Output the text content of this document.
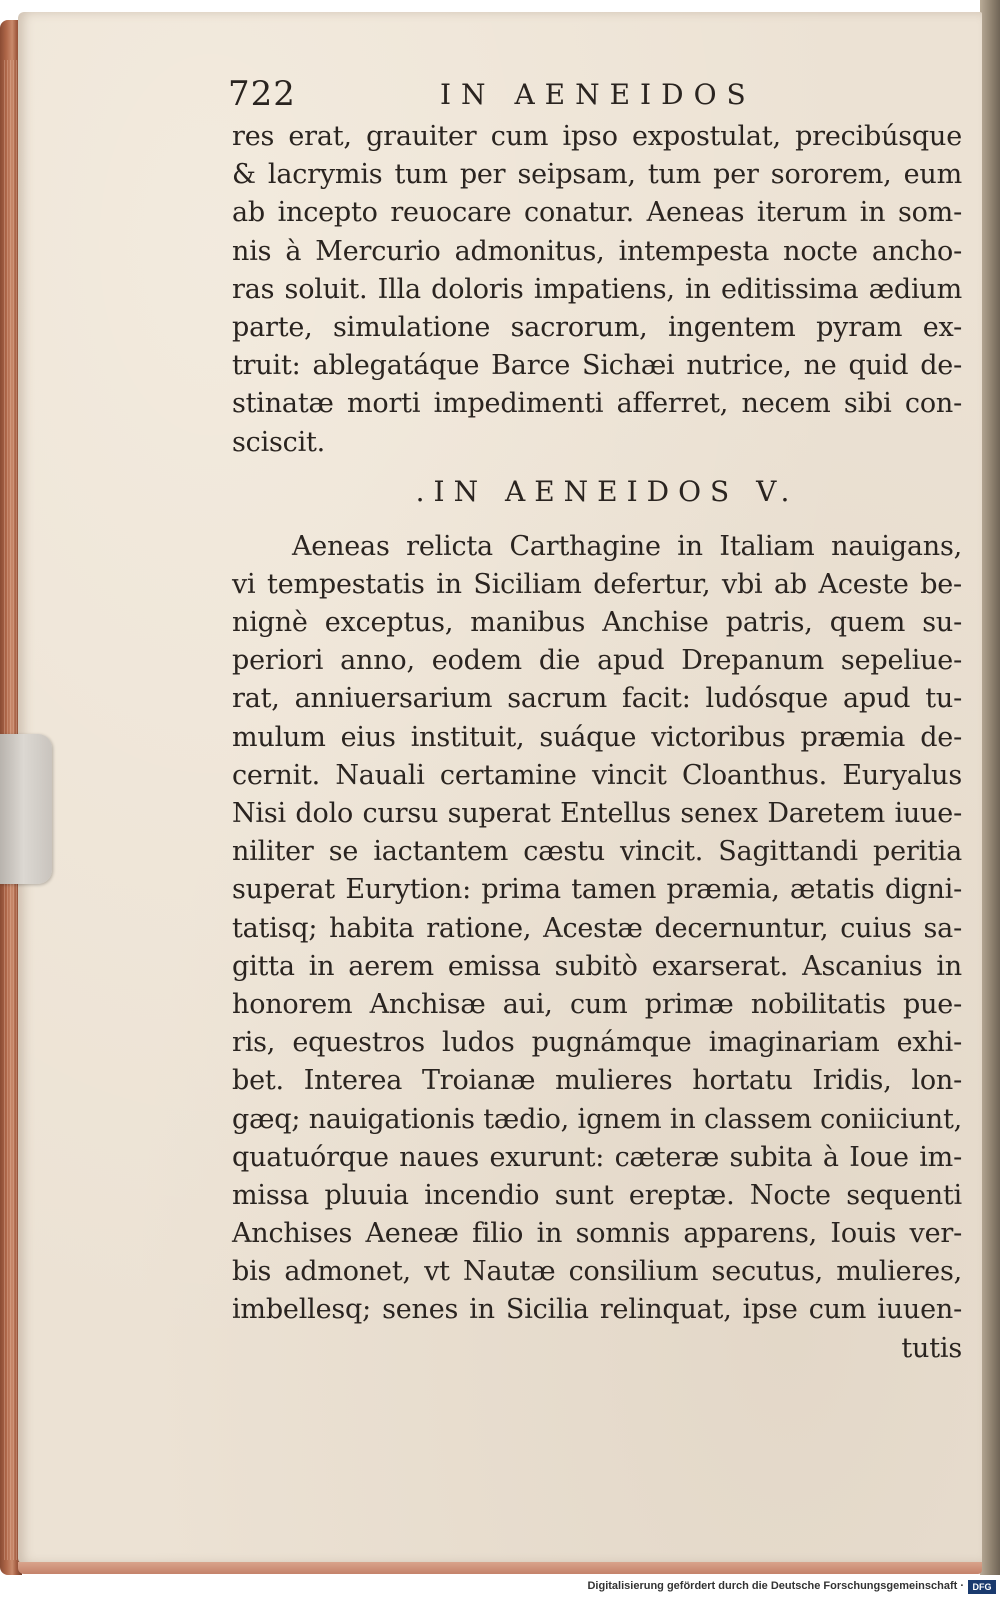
722	IN AENEIDOS
res erat, grauiter cum ipso expostulat, precibúsque
& lacrymis tum per seipsam, tum per sororem, eum
ab incepto reuocare conatur. Aeneas iterum in som-
nis à Mercurio admonitus, intempesta nocte ancho-
ras soluit. Illa doloris impatiens, in editissima ædium
parte, simulatione sacrorum, ingentem pyram ex-
truit: ablegatáque Barce Sichæi nutrice, ne quid de-
stinatæ morti impedimenti afferret, necem sibi con-
sciscit.
.IN AENEIDOS V.
Aeneas relicta Carthagine in Italiam nauigans,
vi tempestatis in Siciliam defertur, vbi ab Aceste be-
nignè exceptus, manibus Anchise patris, quem su-
periori anno, eodem die apud Drepanum sepeliue-
rat, anniuersarium sacrum facit: ludósque apud tu-
mulum eius instituit, suáque victoribus præmia de-
cernit. Nauali certamine vincit Cloanthus. Euryalus
Nisi dolo cursu superat Entellus senex Daretem iuue-
niliter se iactantem cæstu vincit. Sagittandi peritia
superat Eurytion: prima tamen præmia, ætatis digni-
tatisq; habita ratione, Acestæ decernuntur, cuius sa-
gitta in aerem emissa subitò exarserat. Ascanius in
honorem Anchisæ aui, cum primæ nobilitatis pue-
ris, equestros ludos pugnámque imaginariam exhi-
bet. Interea Troianæ mulieres hortatu Iridis, lon-
gæq; nauigationis tædio, ignem in classem coniiciunt,
quatuórque naues exurunt: cæteræ subita à Ioue im-
missa pluuia incendio sunt ereptæ. Nocte sequenti
Anchises Aeneæ filio in somnis apparens, Iouis ver-
bis admonet, vt Nautæ consilium secutus, mulieres,
imbellesq; senes in Sicilia relinquat, ipse cum iuuen-
tutis
Digitalisierung gefördert durch die Deutsche Forschungsgemeinschaft · DFG
